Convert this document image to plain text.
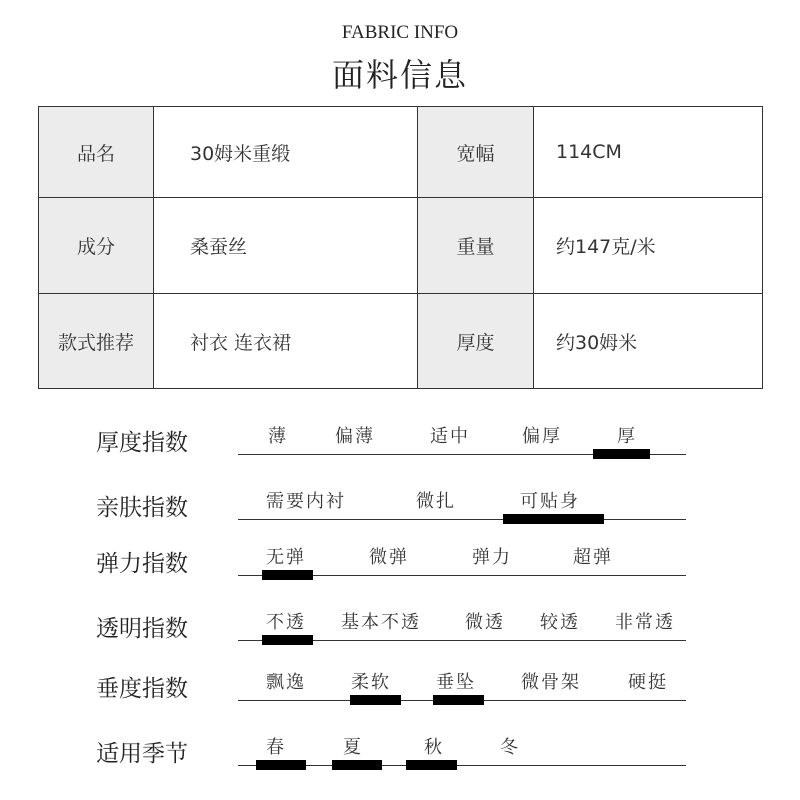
FABRIC INFO
面料信息
品名	30姆米重缎	宽幅	114CM
成分	桑蚕丝	重量	约147克/米
款式推荐	衬衣 连衣裙	厚度	约30姆米
厚度指数	薄	偏薄	适中	偏厚	厚
亲肤指数	需要内衬	微扎	可贴身
弹力指数	无弹	微弹	弹力	超弹
透明指数	不透 基本不透 微透 较透 非常透
垂度指数	飘逸	柔软	垂坠	微骨架	硬挺
适用季节	春	夏	秋	冬
